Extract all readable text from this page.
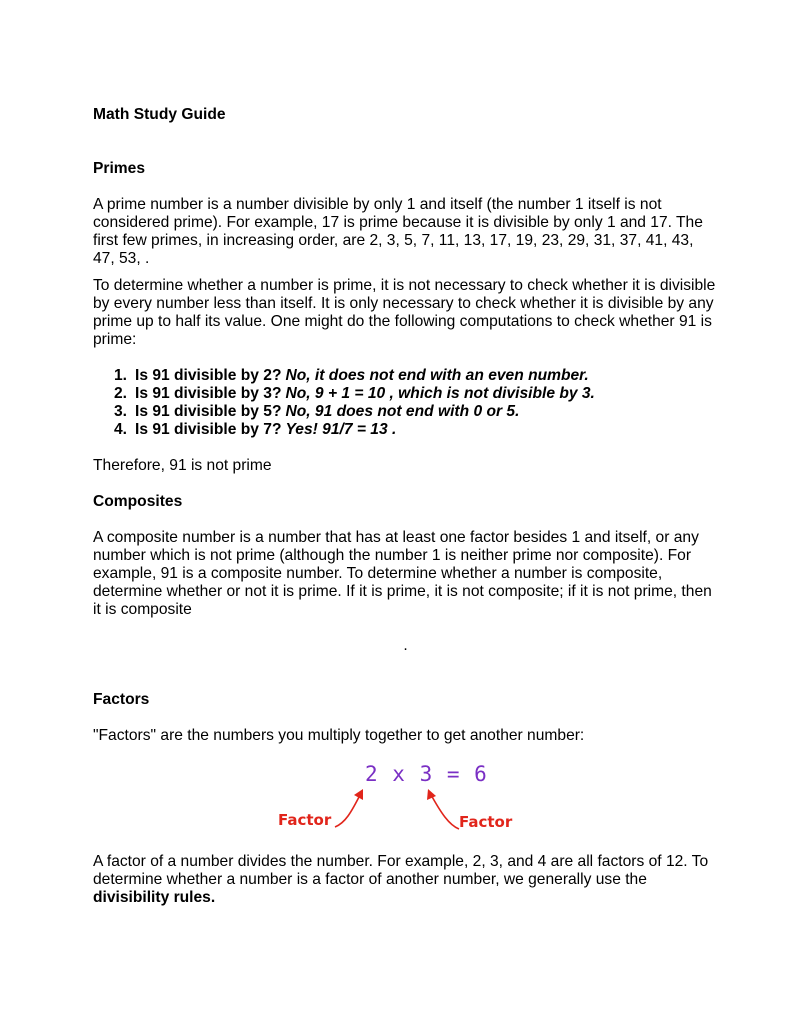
Math Study Guide
Primes

A prime number is a number divisible by only 1 and itself (the number 1 itself is not considered prime). For example, 17 is prime because it is divisible by only 1 and 17. The first few primes, in increasing order, are 2, 3, 5, 7, 11, 13, 17, 19, 23, 29, 31, 37, 41, 43, 47, 53, .

To determine whether a number is prime, it is not necessary to check whether it is divisible by every number less than itself. It is only necessary to check whether it is divisible by any prime up to half its value. One might do the following computations to check whether 91 is prime:

1. Is 91 divisible by 2? No, it does not end with an even number.
2. Is 91 divisible by 3? No, 9 + 1 = 10 , which is not divisible by 3.
3. Is 91 divisible by 5? No, 91 does not end with 0 or 5.
4. Is 91 divisible by 7? Yes! 91/7 = 13 .

Therefore, 91 is not prime

Composites

A composite number is a number that has at least one factor besides 1 and itself, or any number which is not prime (although the number 1 is neither prime nor composite). For example, 91 is a composite number. To determine whether a number is composite, determine whether or not it is prime. If it is prime, it is not composite; if it is not prime, then it is composite

.
Factors

"Factors" are the numbers you multiply together to get another number:

2 x 3 = 6
Factor	Factor

A factor of a number divides the number. For example, 2, 3, and 4 are all factors of 12. To determine whether a number is a factor of another number, we generally use the divisibility rules.
